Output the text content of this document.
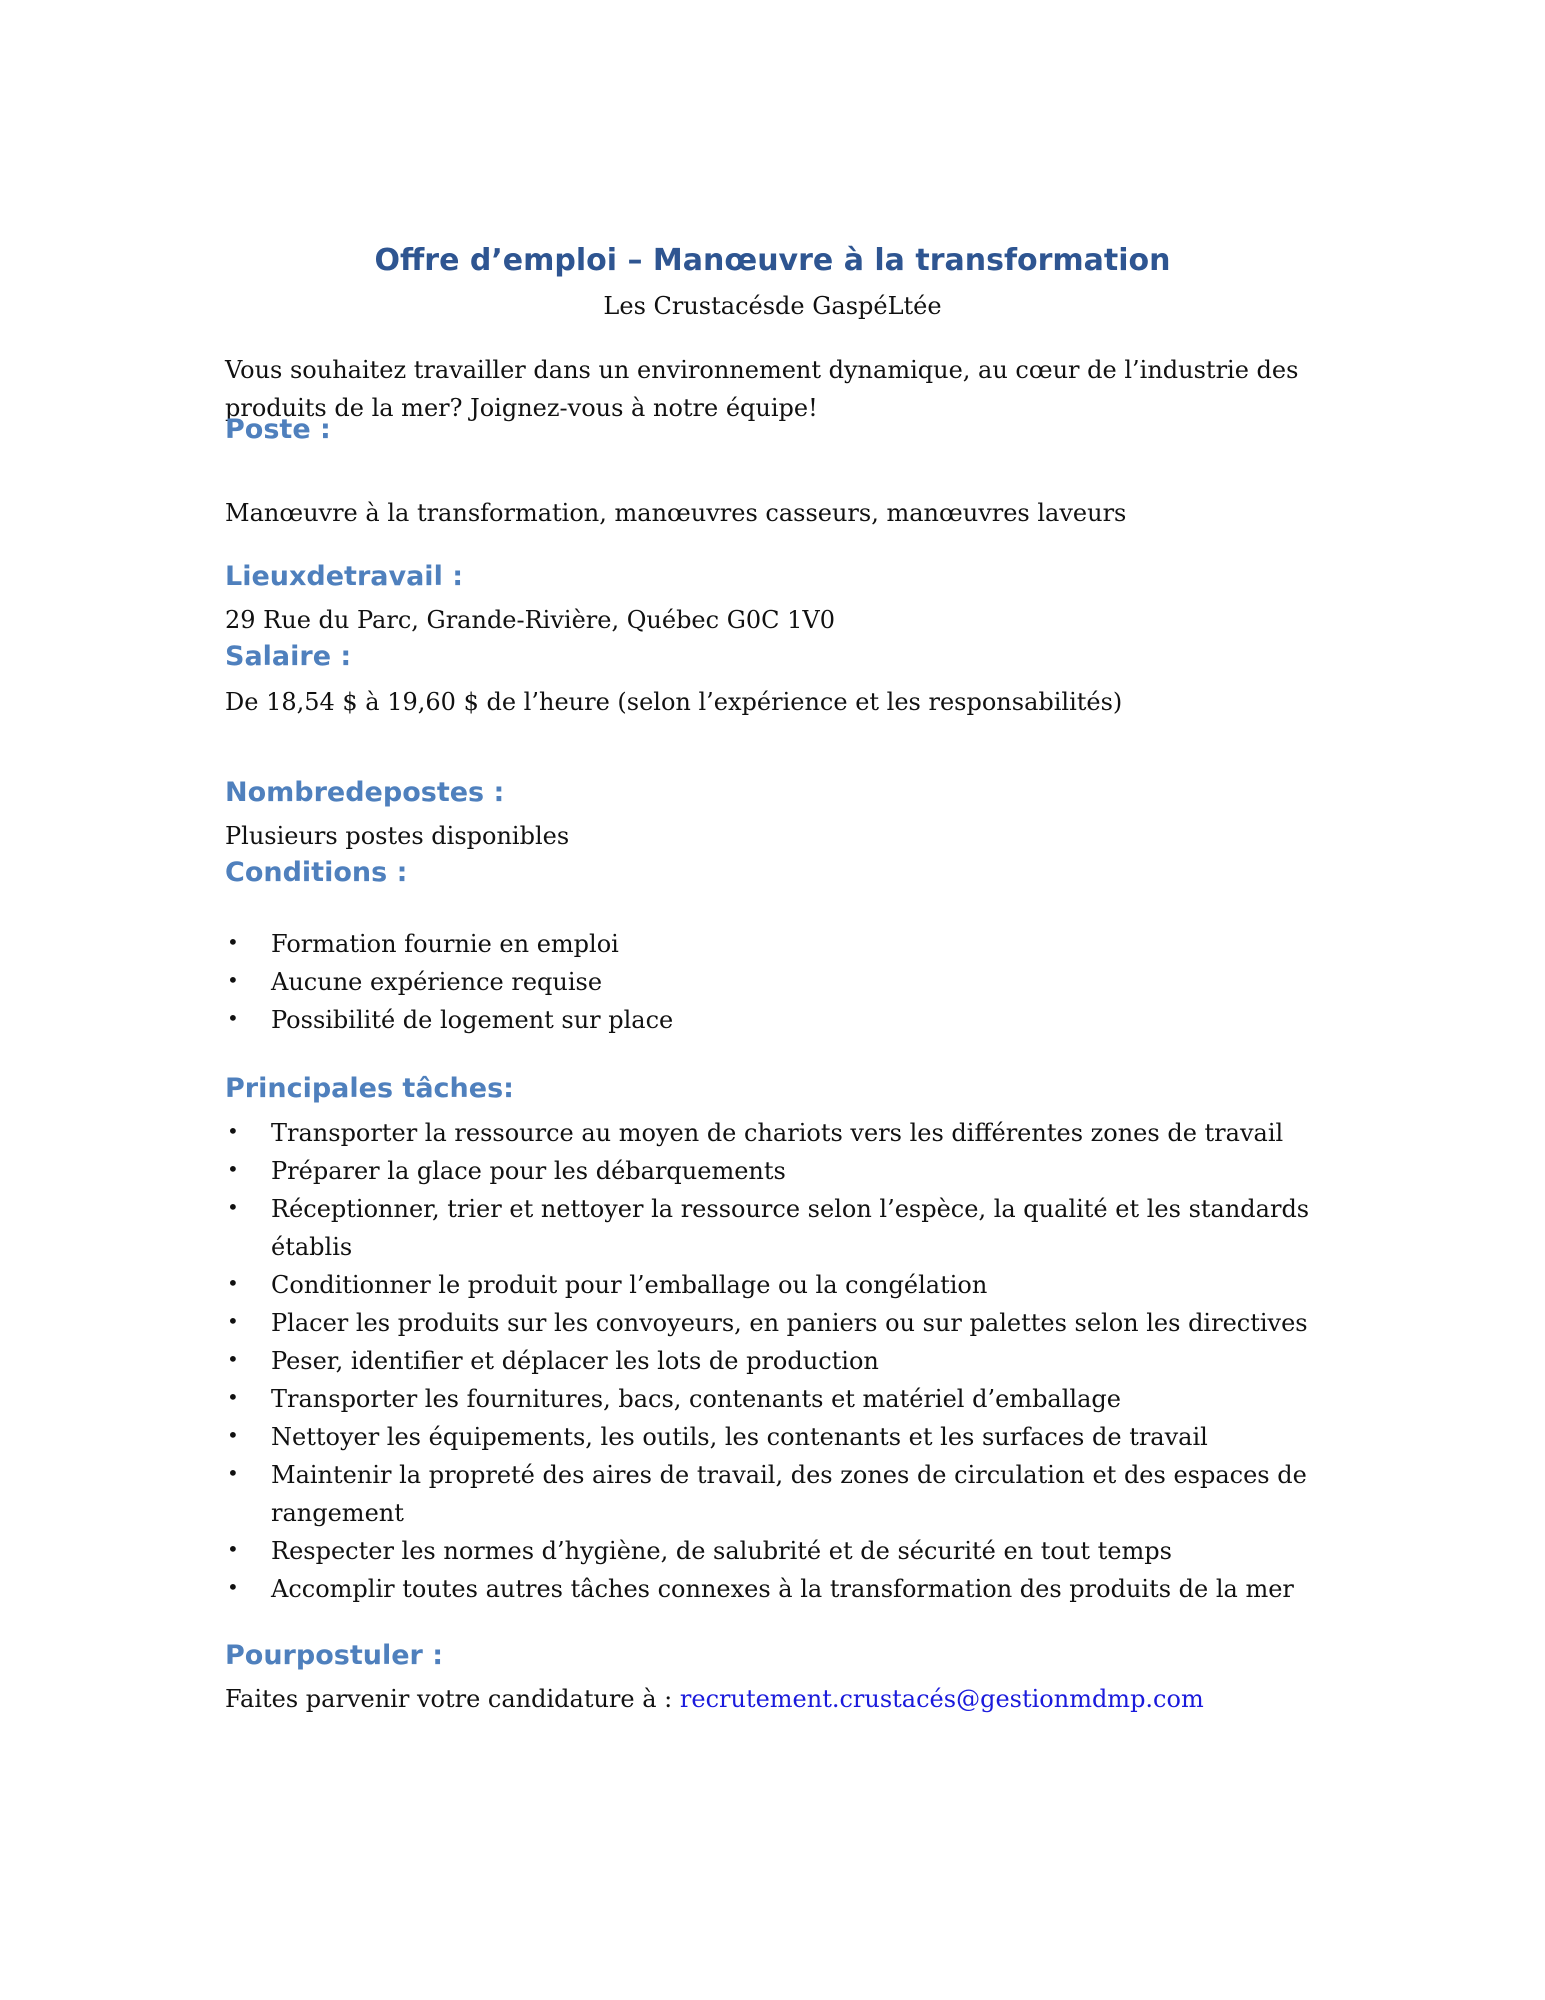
Offre d’emploi – Manœuvre à la transformation
Les Crustacésde GaspéLtée
Vous souhaitez travailler dans un environnement dynamique, au cœur de l’industrie des produits de la mer? Joignez-vous à notre équipe!
Poste :
Manœuvre à la transformation, manœuvres casseurs, manœuvres laveurs
Lieuxdetravail :
29 Rue du Parc, Grande-Rivière, Québec G0C 1V0
Salaire :
De 18,54 $ à 19,60 $ de l’heure (selon l’expérience et les responsabilités)
Nombredepostes :
Plusieurs postes disponibles
Conditions :
• Formation fournie en emploi
• Aucune expérience requise
• Possibilité de logement sur place
Principales tâches:
• Transporter la ressource au moyen de chariots vers les différentes zones de travail
• Préparer la glace pour les débarquements
• Réceptionner, trier et nettoyer la ressource selon l’espèce, la qualité et les standards établis
• Conditionner le produit pour l’emballage ou la congélation
• Placer les produits sur les convoyeurs, en paniers ou sur palettes selon les directives
• Peser, identifier et déplacer les lots de production
• Transporter les fournitures, bacs, contenants et matériel d’emballage
• Nettoyer les équipements, les outils, les contenants et les surfaces de travail
• Maintenir la propreté des aires de travail, des zones de circulation et des espaces de rangement
• Respecter les normes d’hygiène, de salubrité et de sécurité en tout temps
• Accomplir toutes autres tâches connexes à la transformation des produits de la mer
Pourpostuler :
Faites parvenir votre candidature à : recrutement.crustacés@gestionmdmp.com
